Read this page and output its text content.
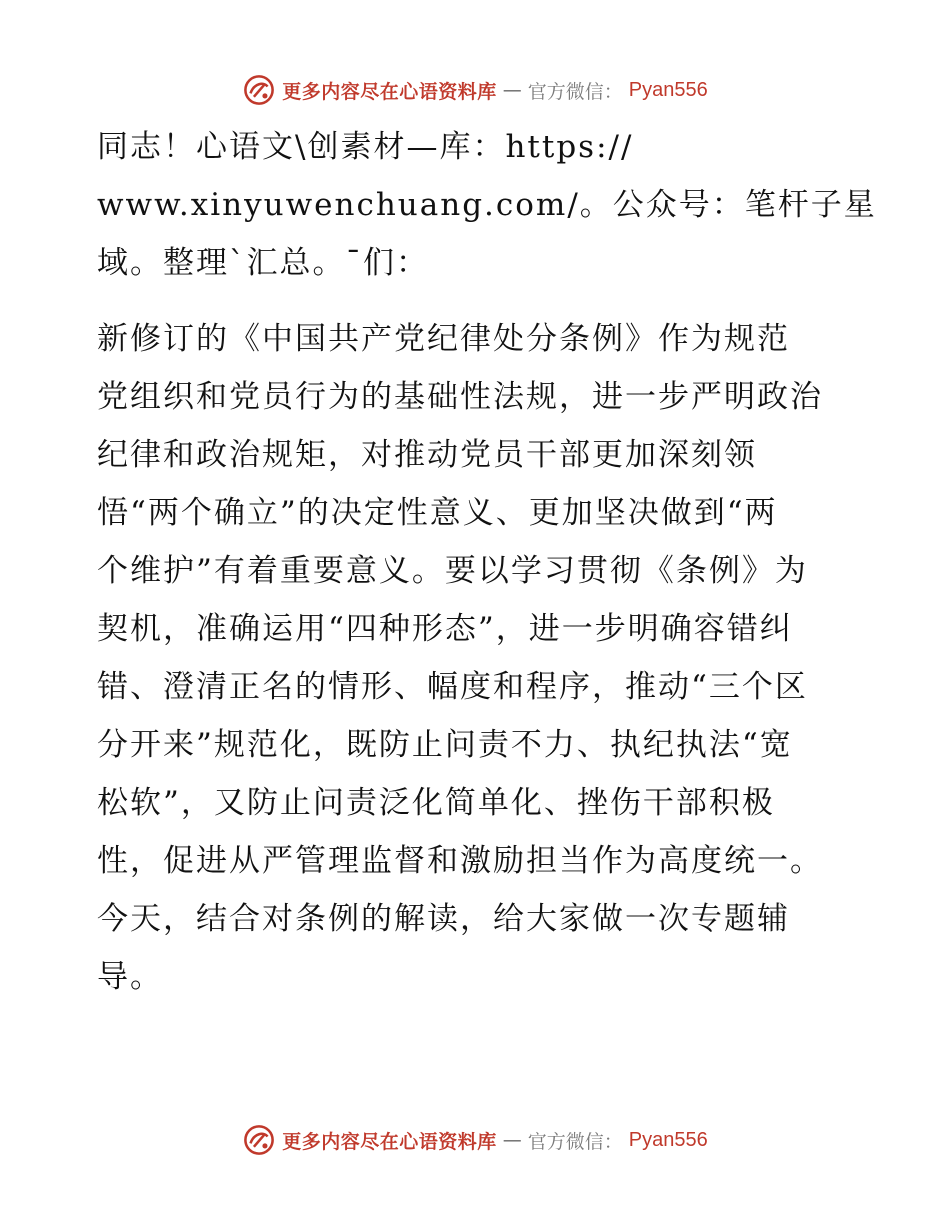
更多内容尽在心语资料库 — 官方微信： Pyan556
同志！心语文\创素材—库：https://
www.xinyuwenchuang.com/。公众号：笔杆子星
域。整理`汇总。¯们：
新修订的《中国共产党纪律处分条例》作为规范
党组织和党员行为的基础性法规，进一步严明政治
纪律和政治规矩，对推动党员干部更加深刻领
悟“两个确立”的决定性意义、更加坚决做到“两
个维护”有着重要意义。要以学习贯彻《条例》为
契机，准确运用“四种形态”，进一步明确容错纠
错、澄清正名的情形、幅度和程序，推动“三个区
分开来”规范化，既防止问责不力、执纪执法“宽
松软”，又防止问责泛化简单化、挫伤干部积极
性，促进从严管理监督和激励担当作为高度统一。
今天，结合对条例的解读，给大家做一次专题辅
导。
更多内容尽在心语资料库 — 官方微信： Pyan556
